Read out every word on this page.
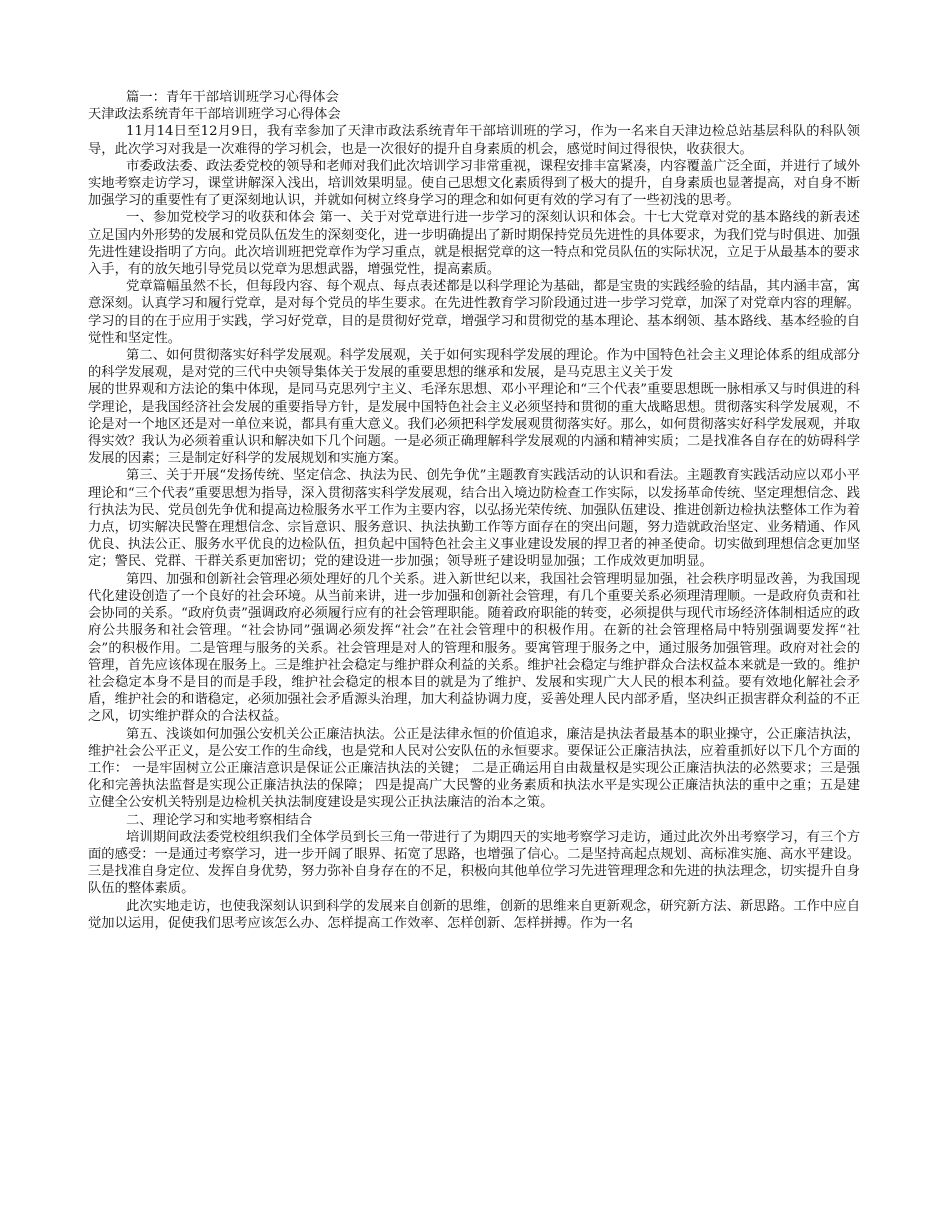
篇一：青年干部培训班学习心得体会

天津政法系统青年干部培训班学习心得体会

11月14日至12月9日，我有幸参加了天津市政法系统青年干部培训班的学习，作为一名来自天津边检总站基层科队的科队领导，此次学习对我是一次难得的学习机会，也是一次很好的提升自身素质的机会，感觉时间过得很快，收获很大。

市委政法委、政法委党校的领导和老师对我们此次培训学习非常重视，课程安排丰富紧凑，内容覆盖广泛全面，并进行了域外实地考察走访学习，课堂讲解深入浅出，培训效果明显。使自己思想文化素质得到了极大的提升，自身素质也显著提高，对自身不断加强学习的重要性有了更深刻地认识，并就如何树立终身学习的理念和如何更有效的学习有了一些初浅的思考。

一、参加党校学习的收获和体会 第一、关于对党章进行进一步学习的深刻认识和体会。十七大党章对党的基本路线的新表述立足国内外形势的发展和党员队伍发生的深刻变化，进一步明确提出了新时期保持党员先进性的具体要求，为我们党与时俱进、加强先进性建设指明了方向。此次培训班把党章作为学习重点，就是根据党章的这一特点和党员队伍的实际状况，立足于从最基本的要求入手，有的放矢地引导党员以党章为思想武器，增强党性，提高素质。

党章篇幅虽然不长，但每段内容、每个观点、每点表述都是以科学理论为基础，都是宝贵的实践经验的结晶，其内涵丰富，寓意深刻。认真学习和履行党章，是对每个党员的毕生要求。在先进性教育学习阶段通过进一步学习党章，加深了对党章内容的理解。学习的目的在于应用于实践，学习好党章，目的是贯彻好党章，增强学习和贯彻党的基本理论、基本纲领、基本路线、基本经验的自觉性和坚定性。

第二、如何贯彻落实好科学发展观。科学发展观，关于如何实现科学发展的理论。作为中国特色社会主义理论体系的组成部分的科学发展观，是对党的三代中央领导集体关于发展的重要思想的继承和发展，是马克思主义关于发

展的世界观和方法论的集中体现，是同马克思列宁主义、毛泽东思想、邓小平理论和“三个代表”重要思想既一脉相承又与时俱进的科学理论，是我国经济社会发展的重要指导方针，是发展中国特色社会主义必须坚持和贯彻的重大战略思想。贯彻落实科学发展观，不论是对一个地区还是对一单位来说，都具有重大意义。我们必须把科学发展观贯彻落实好。那么，如何贯彻落实好科学发展观，并取得实效？我认为必须着重认识和解决如下几个问题。一是必须正确理解科学发展观的内涵和精神实质；二是找准各自存在的妨碍科学发展的因素；三是制定好科学的发展规划和实施方案。

第三、关于开展“发扬传统、坚定信念、执法为民、创先争优”主题教育实践活动的认识和看法。主题教育实践活动应以邓小平理论和“三个代表”重要思想为指导，深入贯彻落实科学发展观，结合出入境边防检查工作实际，以发扬革命传统、坚定理想信念、践行执法为民、党员创先争优和提高边检服务水平工作为主要内容，以弘扬光荣传统、加强队伍建设、推进创新边检执法整体工作为着力点，切实解决民警在理想信念、宗旨意识、服务意识、执法执勤工作等方面存在的突出问题，努力造就政治坚定、业务精通、作风优良、执法公正、服务水平优良的边检队伍，担负起中国特色社会主义事业建设发展的捍卫者的神圣使命。切实做到理想信念更加坚定；警民、党群、干群关系更加密切；党的建设进一步加强；领导班子建设明显加强；工作成效更加明显。

第四、加强和创新社会管理必须处理好的几个关系。进入新世纪以来，我国社会管理明显加强，社会秩序明显改善，为我国现代化建设创造了一个良好的社会环境。从当前来讲，进一步加强和创新社会管理，有几个重要关系必须理清理顺。一是政府负责和社会协同的关系。“政府负责”强调政府必须履行应有的社会管理职能。随着政府职能的转变，必须提供与现代市场经济体制相适应的政府公共服务和社会管理。“社会协同”强调必须发挥“社会”在社会管理中的积极作用。在新的社会管理格局中特别强调要发挥“社会”的积极作用。二是管理与服务的关系。社会管理是对人的管理和服务。要寓管理于服务之中，通过服务加强管理。政府对社会的管理，首先应该体现在服务上。三是维护社会稳定与维护群众利益的关系。维护社会稳定与维护群众合法权益本来就是一致的。维护社会稳定本身不是目的而是手段，维护社会稳定的根本目的就是为了维护、发展和实现广大人民的根本利益。要有效地化解社会矛盾，维护社会的和谐稳定，必须加强社会矛盾源头治理，加大利益协调力度，妥善处理人民内部矛盾，坚决纠正损害群众利益的不正之风，切实维护群众的合法权益。

第五、浅谈如何加强公安机关公正廉洁执法。公正是法律永恒的价值追求，廉洁是执法者最基本的职业操守，公正廉洁执法，维护社会公平正义，是公安工作的生命线，也是党和人民对公安队伍的永恒要求。要保证公正廉洁执法，应着重抓好以下几个方面的工作： 一是牢固树立公正廉洁意识是保证公正廉洁执法的关键； 二是正确运用自由裁量权是实现公正廉洁执法的必然要求；三是强化和完善执法监督是实现公正廉洁执法的保障； 四是提高广大民警的业务素质和执法水平是实现公正廉洁执法的重中之重；五是建立健全公安机关特别是边检机关执法制度建设是实现公正执法廉洁的治本之策。

二、理论学习和实地考察相结合

培训期间政法委党校组织我们全体学员到长三角一带进行了为期四天的实地考察学习走访，通过此次外出考察学习，有三个方面的感受：一是通过考察学习，进一步开阔了眼界、拓宽了思路，也增强了信心。二是坚持高起点规划、高标准实施、高水平建设。三是找准自身定位、发挥自身优势，努力弥补自身存在的不足，积极向其他单位学习先进管理理念和先进的执法理念，切实提升自身队伍的整体素质。

此次实地走访，也使我深刻认识到科学的发展来自创新的思维，创新的思维来自更新观念，研究新方法、新思路。工作中应自觉加以运用，促使我们思考应该怎么办、怎样提高工作效率、怎样创新、怎样拼搏。作为一名
